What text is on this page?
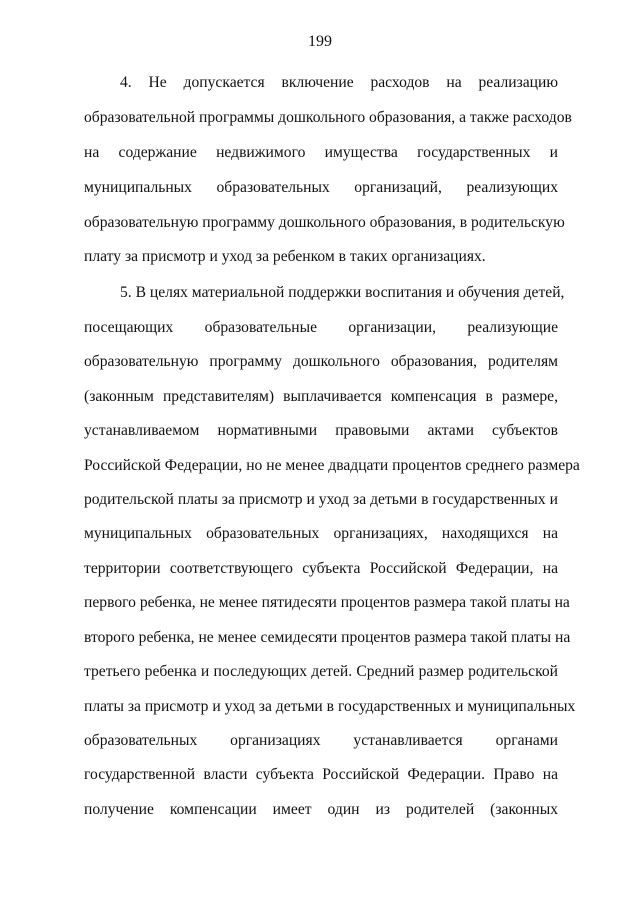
199
4. Не допускается включение расходов на реализацию
образовательной программы дошкольного образования, а также расходов
на содержание недвижимого имущества государственных и
муниципальных образовательных организаций, реализующих
образовательную программу дошкольного образования, в родительскую
плату за присмотр и уход за ребенком в таких организациях.
5. В целях материальной поддержки воспитания и обучения детей,
посещающих образовательные организации, реализующие
образовательную программу дошкольного образования, родителям
(законным представителям) выплачивается компенсация в размере,
устанавливаемом нормативными правовыми актами субъектов
Российской Федерации, но не менее двадцати процентов среднего размера
родительской платы за присмотр и уход за детьми в государственных и
муниципальных образовательных организациях, находящихся на
территории соответствующего субъекта Российской Федерации, на
первого ребенка, не менее пятидесяти процентов размера такой платы на
второго ребенка, не менее семидесяти процентов размера такой платы на
третьего ребенка и последующих детей. Средний размер родительской
платы за присмотр и уход за детьми в государственных и муниципальных
образовательных организациях устанавливается органами
государственной власти субъекта Российской Федерации. Право на
получение компенсации имеет один из родителей (законных
